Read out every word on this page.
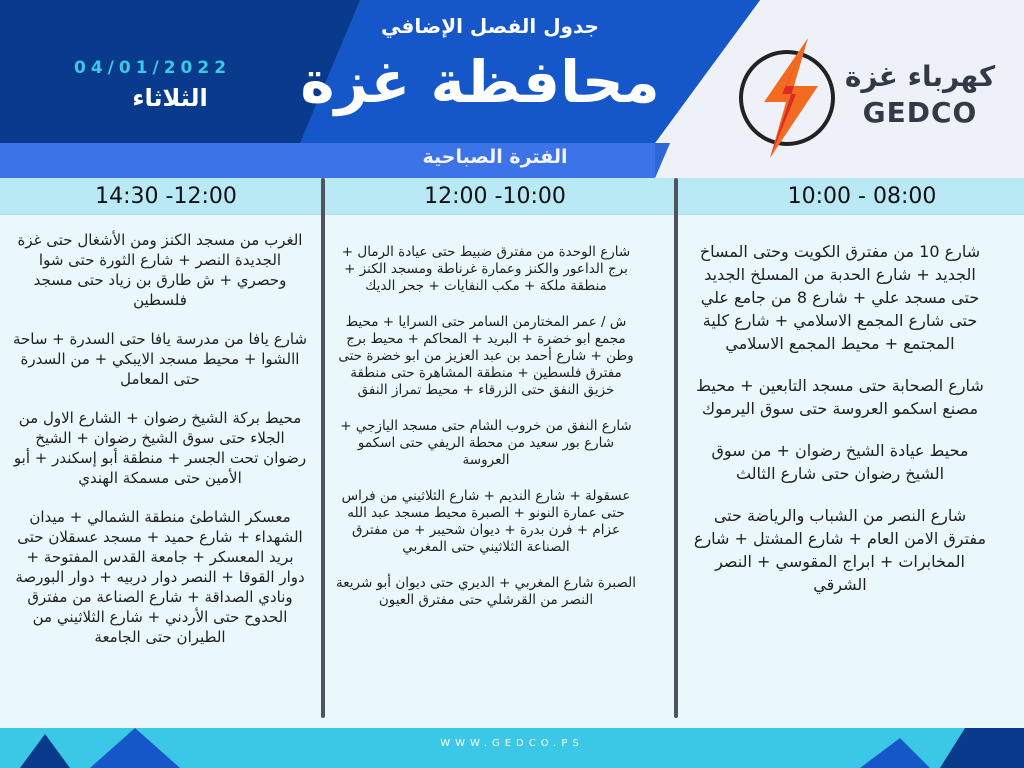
04/01/2022
الثلاثاء
جدول الفصل الإضافي
محافظة غزة
الفترة الصباحية
كهرباء غزة
GEDCO
10:00 - 08:00
12:00 -10:00
14:30 -12:00

شارع 10 من مفترق الكويت وحتى المساخ الجديد + شارع الحدبة من المسلخ الجديد حتى مسجد علي + شارع 8 من جامع علي حتى شارع المجمع الاسلامي + شارع كلية المجتمع + محيط المجمع الاسلامي

شارع الصحابة حتى مسجد التابعين + محيط مصنع اسكمو العروسة حتى سوق اليرموك

محيط عيادة الشيخ رضوان + من سوق الشيخ رضوان حتى شارع الثالث

شارع النصر من الشباب والرياضة حتى مفترق الامن العام + شارع المشتل + شارع المخابرات + ابراج المقوسي + النصر الشرقي

شارع الوحدة من مفترق ضبيط حتى عيادة الرمال + برج الداعور والكنز وعمارة غرناطة ومسجد الكنز + منطقة ملكة + مكب النفايات + جحر الديك

ش / عمر المختارمن السامر حتى السرايا + محيط مجمع ابو خضرة + البريد + المحاكم + محيط برج وطن + شارع أحمد بن عبد العزيز من ابو خضرة حتى مفترق فلسطين + منطقة المشاهرة حتى منطقة خزيق النفق حتى الزرقاء + محيط تمراز النفق

شارع النفق من خروب الشام حتى مسجد اليازجي + شارع بور سعيد من محطة الريفي حتى اسكمو العروسة

عسقولة + شارع النديم + شارع الثلاثيني من فراس حتى عمارة النونو + الصبرة محيط مسجد عبد الله عزام + فرن بدرة + ديوان شحيبر + من مفترق الصناعة الثلاثيني حتى المغربي

الصبرة شارع المغربي + الديري حتى ديوان أبو شريعة النصر من القرشلي حتى مفترق العيون

الغرب من مسجد الكنز ومن الأشغال حتى غزة الجديدة النصر + شارع الثورة حتى شوا وحصري + ش طارق بن زياد حتى مسجد فلسطين

شارع يافا من مدرسة يافا حتى السدرة + ساحة االشوا + محيط مسجد الايبكي + من السدرة حتى المعامل

محيط بركة الشيخ رضوان + الشارع الاول من الجلاء حتى سوق الشيخ رضوان + الشيخ رضوان تحت الجسر + منطقة أبو إسكندر + أبو الأمين حتى مسمكة الهندي

معسكر الشاطئ منطقة الشمالي + ميدان الشهداء + شارع حميد + مسجد عسقلان حتى بريد المعسكر + جامعة القدس المفتوحة + دوار القوقا + النصر دوار دربيه + دوار البورصة ونادي الصداقة + شارع الصناعة من مفترق الحدوح حتى الأردني + شارع الثلاثيني من الطيران حتى الجامعة

WWW.GEDCO.PS
